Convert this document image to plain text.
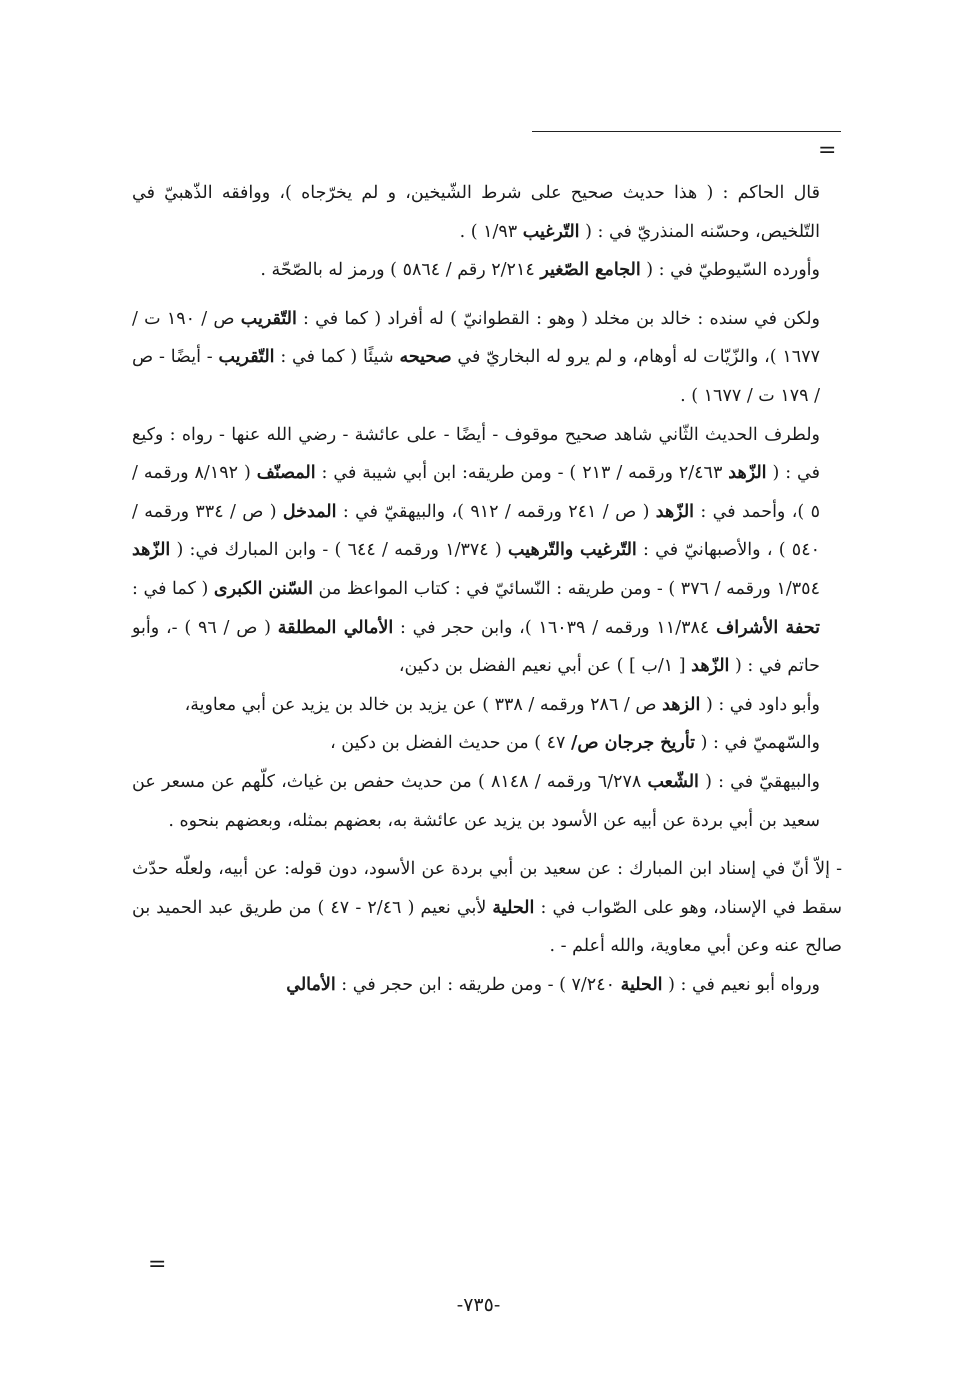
=

قال الحاكم : ( هذا حديث صحيح على شرط الشّيخين، و لم يخرّجاه )، ووافقه الذّهبيّ في التّلخيص، وحسّنه المنذريّ في : ( التّرغيب ١/٩٣ ) .

وأورده السّيوطيّ في : ( الجامع الصّغير ٢/٢١٤ رقم / ٥٨٦٤ ) ورمز له بالصّحّة .

ولكن في سنده : خالد بن مخلد ( وهو : القطوانيّ ) له أفراد ( كما في : التّقريب ص / ١٩٠ ت / ١٦٧٧ )، والزّيّات له أوهام، و لم يرو له البخاريّ في صحيحه شيئًا ( كما في : التّقريب - أيضًا - ص / ١٧٩ ت / ١٦٧٧ ) .

ولطرف الحديث الثّاني شاهد صحيح موقوف - أيضًا - على عائشة - رضي الله عنها - رواه : وكيع في : ( الزّهد ٢/٤٦٣ ورقمه / ٢١٣ ) - ومن طريقه: ابن أبي شيبة في : المصنّف ( ٨/١٩٢ ورقمه / ٥ )، وأحمد في : الزّهد ( ص / ٢٤١ ورقمه / ٩١٢ )، والبيهقيّ في : المدخل ( ص / ٣٣٤ ورقمه / ٥٤٠ ) ، والأصبهانيّ في : التّرغيب والتّرهيب ( ١/٣٧٤ ورقمه / ٦٤٤ ) - وابن المبارك في: ( الزّهد ١/٣٥٤ ورقمه / ٣٧٦ ) - ومن طريقه : النّسائيّ في : كتاب المواعظ من السّنن الكبرى ( كما في : تحفة الأشراف ١١/٣٨٤ ورقمه / ١٦٠٣٩ )، وابن حجر في : الأمالي المطلقة ( ص / ٩٦ ) -، وأبو حاتم في : ( الزّهد [ ١/ب ] ) عن أبي نعيم الفضل بن دكين،

وأبو داود في : ( الزهد ص / ٢٨٦ ورقمه / ٣٣٨ ) عن يزيد بن خالد بن يزيد عن أبي معاوية،

والسّهميّ في : ( تأريخ جرجان ص/ ٤٧ ) من حديث الفضل بن دكين ،

والبيهقيّ في : ( الشّعب ٦/٢٧٨ ورقمه / ٨١٤٨ ) من حديث حفص بن غياث، كلّهم عن مسعر عن سعيد بن أبي بردة عن أبيه عن الأسود بن يزيد عن عائشة به، بعضهم بمثله، وبعضهم بنحوه .

- إلاّ أنّ في إسناد ابن المبارك : عن سعيد بن أبي بردة عن الأسود، دون قوله: عن أبيه، ولعلّه حدّث سقط في الإسناد، وهو على الصّواب في : الحلية لأبي نعيم ( ٢/٤٦ - ٤٧ ) من طريق عبد الحميد بن صالح عنه وعن أبي معاوية، والله أعلم - .

ورواه أبو نعيم في : ( الحلية ٧/٢٤٠ ) - ومن طريقه : ابن حجر في : الأمالي

=
-٧٣٥-
